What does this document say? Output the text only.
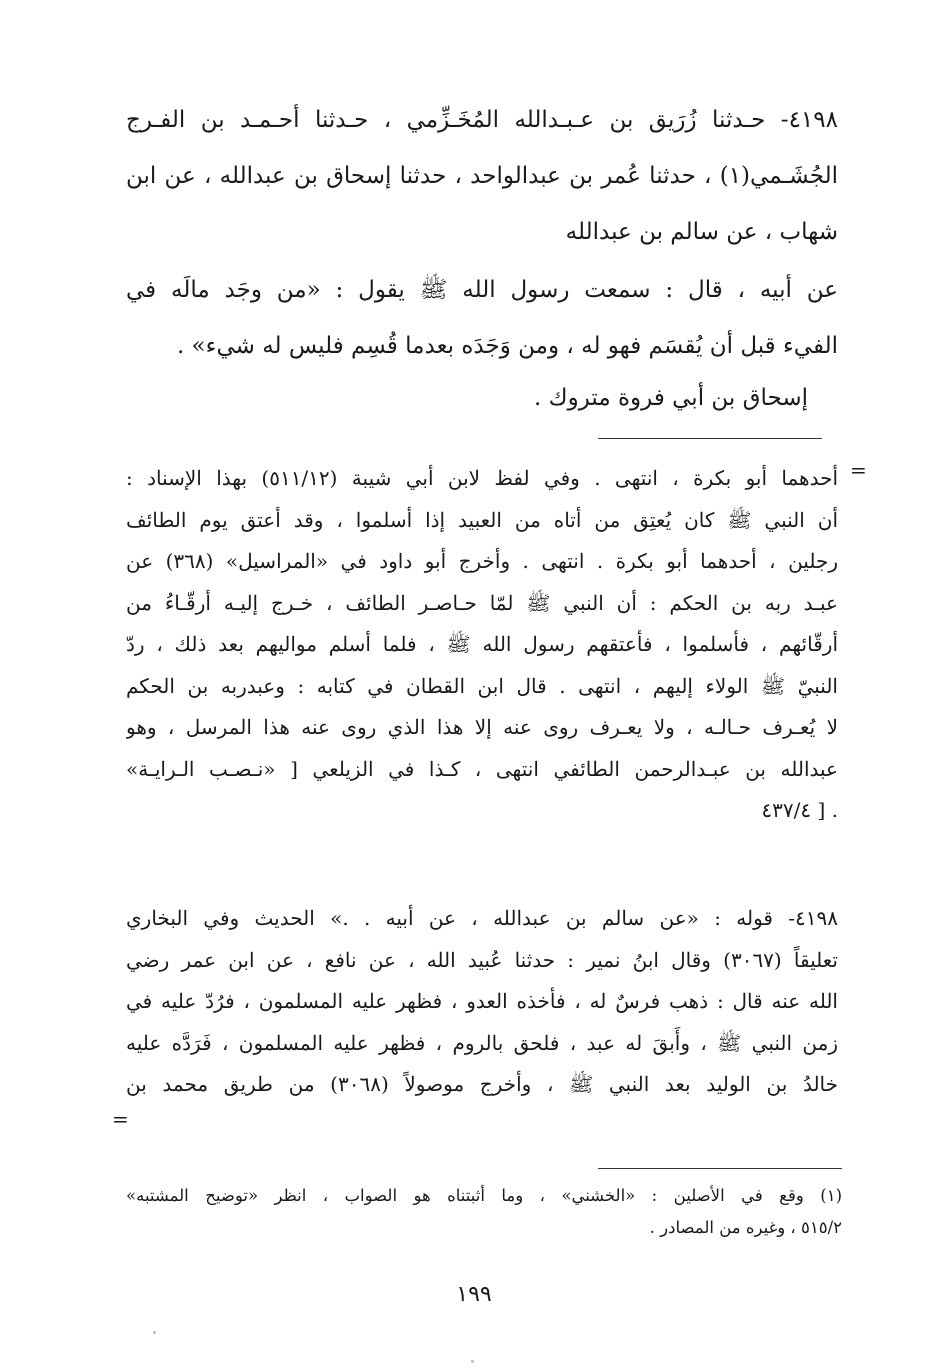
٤١٩٨- حـدثنا زُرَيق بن عـبـدالله المُخَـزِّمي ، حـدثنا أحـمـد بن الفـرج
الجُشَـمي(١) ، حدثنا عُمر بن عبدالواحد ، حدثنا إسحاق بن عبدالله ، عن ابن
شهاب ، عن سالم بن عبدالله
عن أبيه ، قال : سمعت رسول الله ﷺ يقول : «من وجَد مالَه في
الفيء قبل أن يُقسَم فهو له ، ومن وَجَدَه بعدما قُسِم فليس له شيء» .
إسحاق بن أبي فروة متروك .
=
أحدهما أبو بكرة ، انتهى . وفي لفظ لابن أبي شيبة (٥١١/١٢) بهذا الإسناد :
أن النبي ﷺ كان يُعتِق من أتاه من العبيد إذا أسلموا ، وقد أعتق يوم الطائف
رجلين ، أحدهما أبو بكرة . انتهى . وأخرج أبو داود في «المراسيل» (٣٦٨) عن
عبـد ربه بن الحكم : أن النبي ﷺ لمّا حـاصـر الطائف ، خـرج إليـه أرقّـاءُ من
أرقّائهم ، فأسلموا ، فأعتقهم رسول الله ﷺ ، فلما أسلم مواليهم بعد ذلك ، ردّ
النبيّ ﷺ الولاء إليهم ، انتهى . قال ابن القطان في كتابه : وعبدربه بن الحكم
لا يُعـرف حـالـه ، ولا يعـرف روى عنه إلا هذا الذي روى عنه هذا المرسل ، وهو
عبدالله بن عبـدالرحمن الطائفي انتهى ، كـذا في الزيلعي [ «نـصـب الـرايـة»
. [ ٤٣٧/٤
٤١٩٨- قوله : «عن سالم بن عبدالله ، عن أبيه . .» الحديث وفي البخاري
تعليقاً (٣٠٦٧) وقال ابنُ نمير : حدثنا عُبيد الله ، عن نافع ، عن ابن عمر رضي
الله عنه قال : ذهب فرسٌ له ، فأخذه العدو ، فظهر عليه المسلمون ، فرُدّ عليه في
زمن النبي ﷺ ، وأَبقَ له عبد ، فلحق بالروم ، فظهر عليه المسلمون ، فَرَدَّه عليه
خالدُ بن الوليد بعد النبي ﷺ ، وأخرج موصولاً (٣٠٦٨) من طريق محمد بن
=
(١) وقع في الأصلين : «الخشني» ، وما أثبتناه هو الصواب ، انظر «توضيح المشتبه»
٥١٥/٢ ، وغيره من المصادر .
١٩٩
